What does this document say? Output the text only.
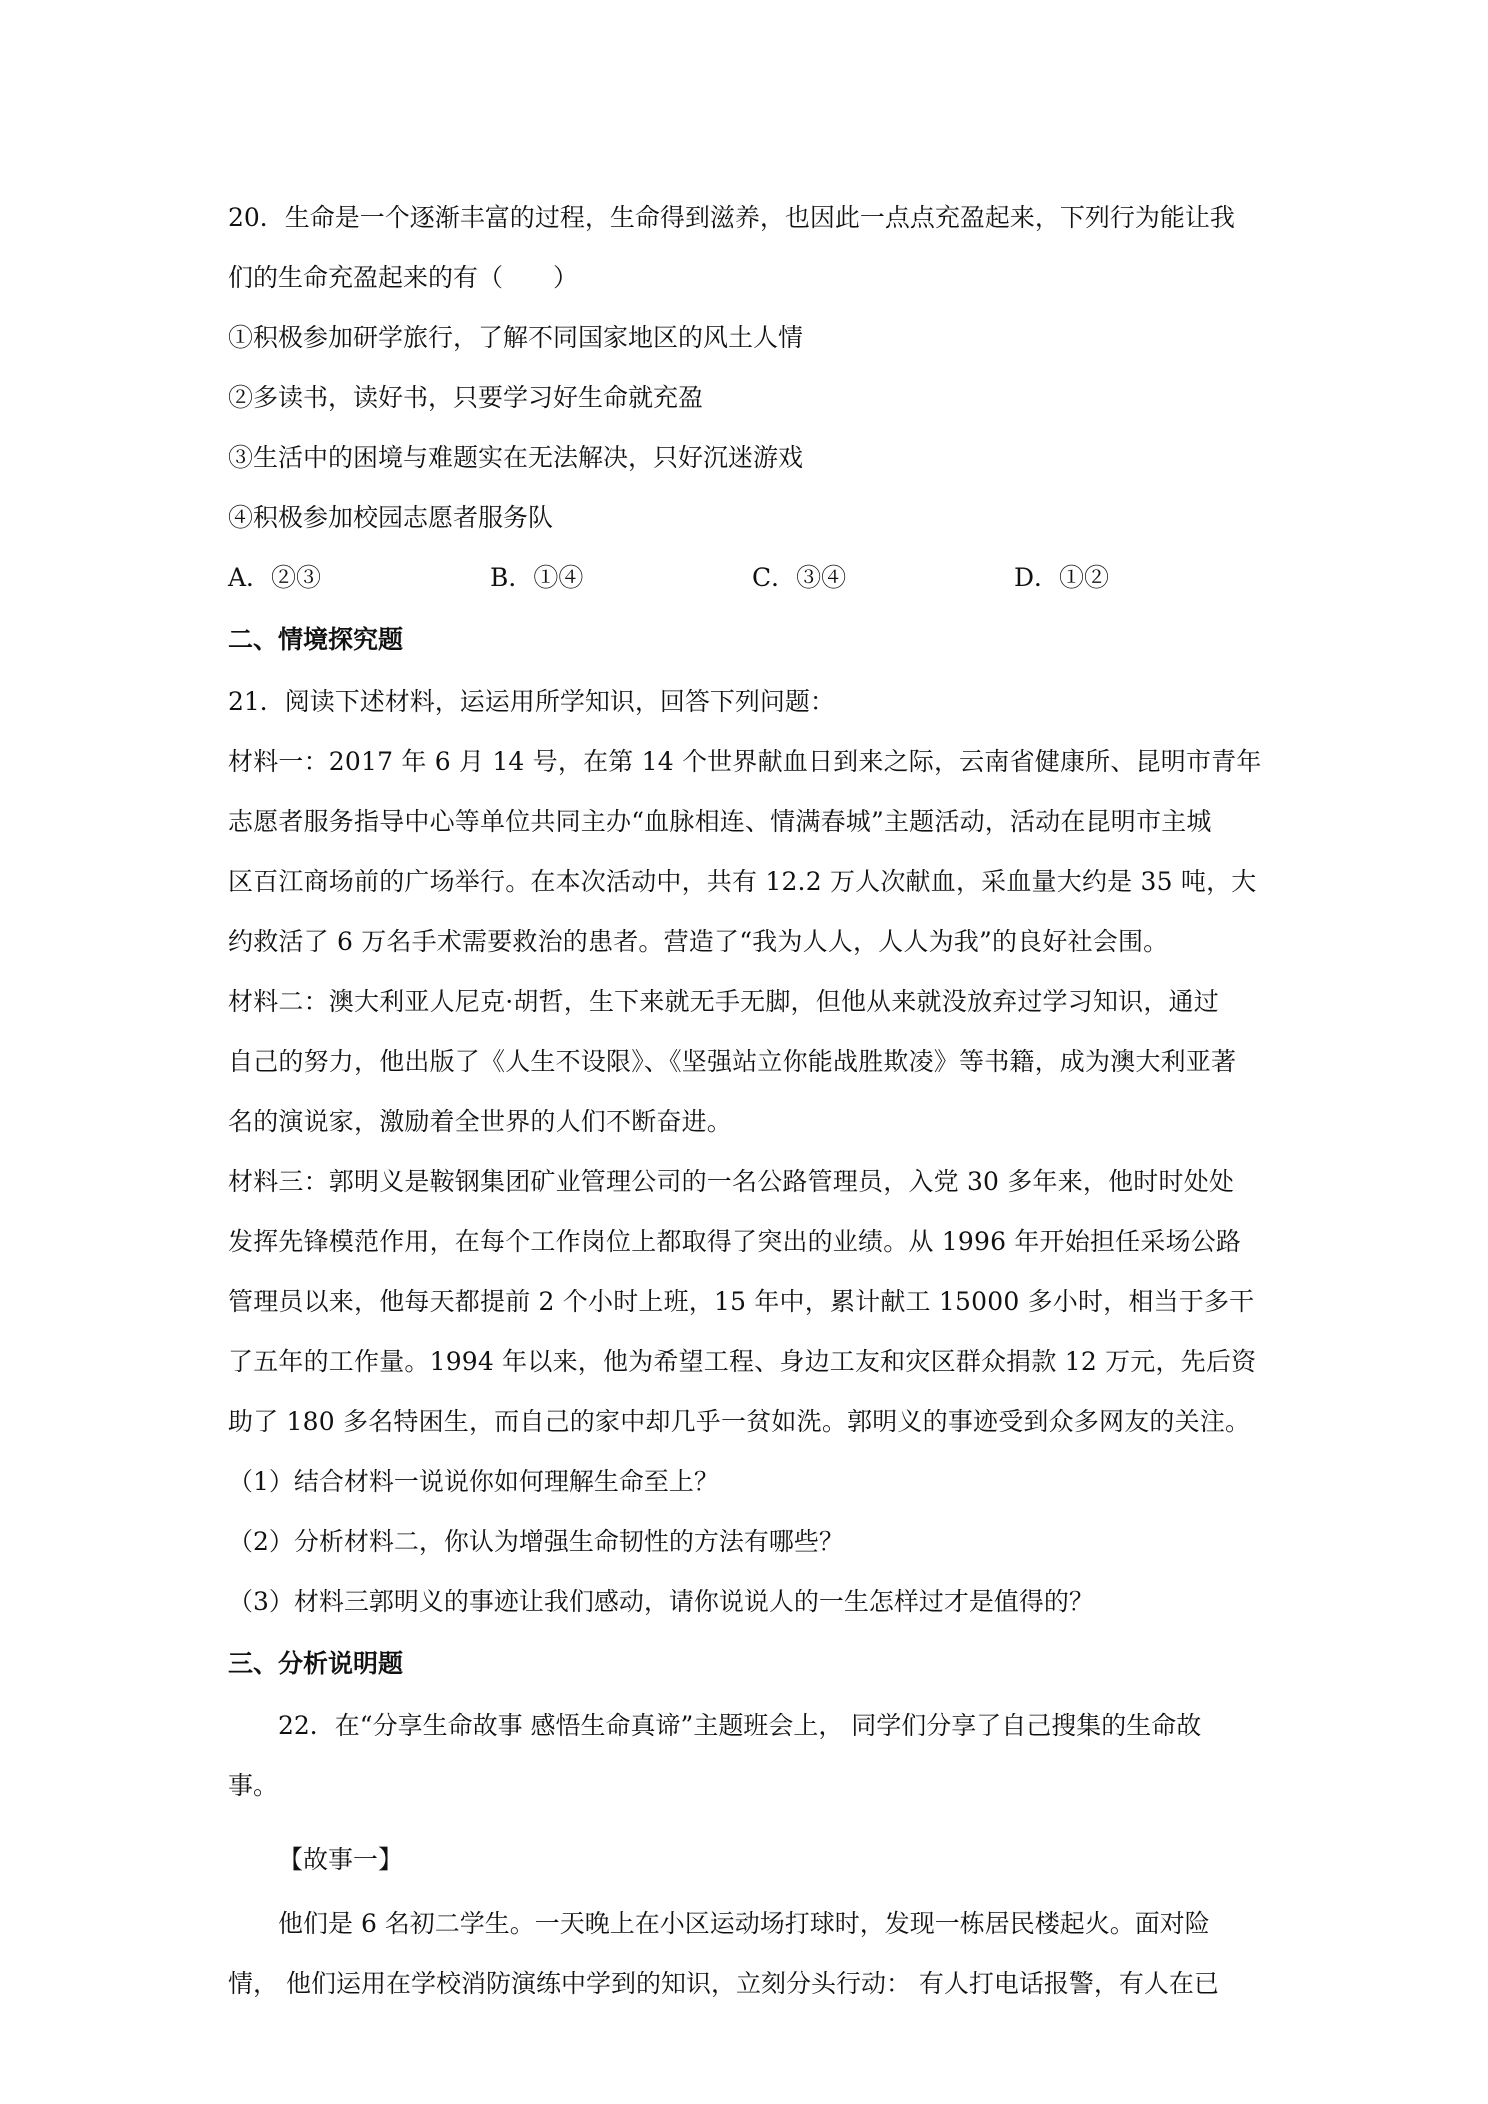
20．生命是一个逐渐丰富的过程，生命得到滋养，也因此一点点充盈起来，下列行为能让我
们的生命充盈起来的有（　　）
①积极参加研学旅行，了解不同国家地区的风土人情
②多读书，读好书，只要学习好生命就充盈
③生活中的困境与难题实在无法解决，只好沉迷游戏
④积极参加校园志愿者服务队
A．②③	B．①④	C．③④	D．①②
二、情境探究题
21．阅读下述材料，运运用所学知识，回答下列问题：
材料一：2017 年 6 月 14 号，在第 14 个世界献血日到来之际，云南省健康所、昆明市青年
志愿者服务指导中心等单位共同主办“血脉相连、情满春城”主题活动，活动在昆明市主城
区百江商场前的广场举行。在本次活动中，共有 12.2 万人次献血，采血量大约是 35 吨，大
约救活了 6 万名手术需要救治的患者。营造了“我为人人，人人为我”的良好社会围。
材料二：澳大利亚人尼克·胡哲，生下来就无手无脚，但他从来就没放弃过学习知识，通过
自己的努力，他出版了《人生不设限》、《坚强站立你能战胜欺凌》等书籍，成为澳大利亚著
名的演说家，激励着全世界的人们不断奋进。
材料三：郭明义是鞍钢集团矿业管理公司的一名公路管理员，入党 30 多年来，他时时处处
发挥先锋模范作用，在每个工作岗位上都取得了突出的业绩。从 1996 年开始担任采场公路
管理员以来，他每天都提前 2 个小时上班，15 年中，累计献工 15000 多小时，相当于多干
了五年的工作量。1994 年以来，他为希望工程、身边工友和灾区群众捐款 12 万元，先后资
助了 180 多名特困生，而自己的家中却几乎一贫如洗。郭明义的事迹受到众多网友的关注。
（1）结合材料一说说你如何理解生命至上？
（2）分析材料二，你认为增强生命韧性的方法有哪些？
（3）材料三郭明义的事迹让我们感动，请你说说人的一生怎样过才是值得的？
三、分析说明题
22．在“分享生命故事 感悟生命真谛”主题班会上， 同学们分享了自己搜集的生命故
事。
【故事一】
他们是 6 名初二学生。一天晚上在小区运动场打球时，发现一栋居民楼起火。面对险
情， 他们运用在学校消防演练中学到的知识，立刻分头行动： 有人打电话报警，有人在已
